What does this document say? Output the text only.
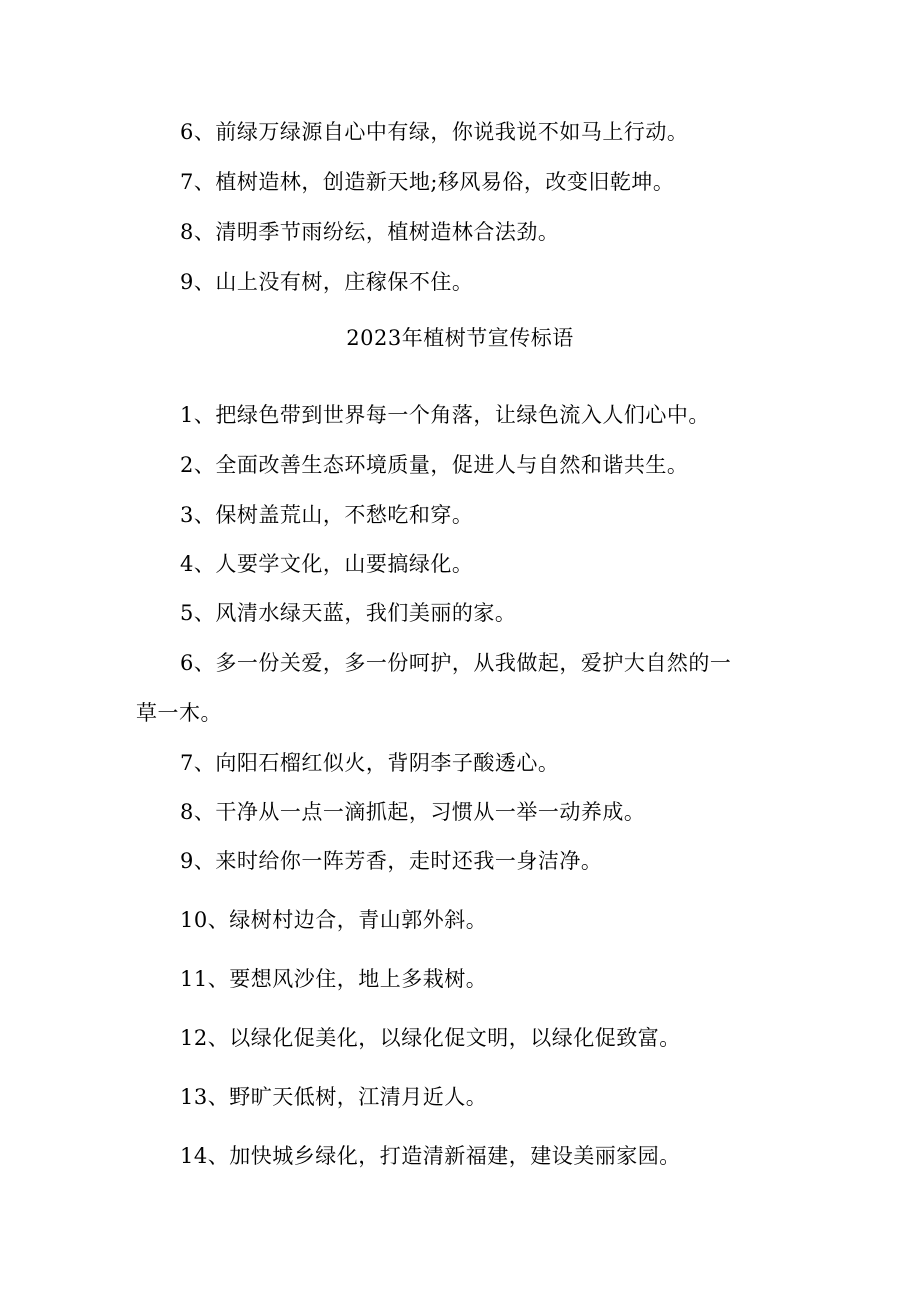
6、前绿万绿源自心中有绿，你说我说不如马上行动。
7、植树造林，创造新天地;移风易俗，改变旧乾坤。
8、清明季节雨纷纭，植树造林合法劲。
9、山上没有树，庄稼保不住。
2023年植树节宣传标语
1、把绿色带到世界每一个角落，让绿色流入人们心中。
2、全面改善生态环境质量，促进人与自然和谐共生。
3、保树盖荒山，不愁吃和穿。
4、人要学文化，山要搞绿化。
5、风清水绿天蓝，我们美丽的家。
6、多一份关爱，多一份呵护，从我做起，爱护大自然的一
草一木。
7、向阳石榴红似火，背阴李子酸透心。
8、干净从一点一滴抓起，习惯从一举一动养成。
9、来时给你一阵芳香，走时还我一身洁净。
10、绿树村边合，青山郭外斜。
11、要想风沙住，地上多栽树。
12、以绿化促美化，以绿化促文明，以绿化促致富。
13、野旷天低树，江清月近人。
14、加快城乡绿化，打造清新福建，建设美丽家园。
